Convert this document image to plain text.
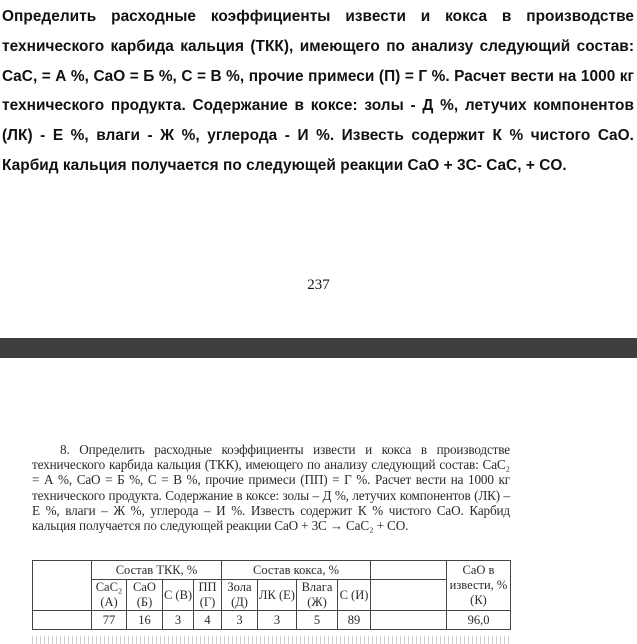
Определить расходные коэффициенты извести и кокса в производстве технического карбида кальция (ТКК), имеющего по анализу следующий состав: CaC, = А %, CaO = Б %, C = В %, прочие примеси (П) = Г %. Расчет вести на 1000 кг технического продукта. Содержание в коксе: золы - Д %, летучих компонентов (ЛК) - Е %, влаги - Ж %, углерода - И %. Известь содержит К % чистого CaO. Карбид кальция получается по следующей реакции CaO + 3C- CaC, + CO.
237
8. Определить расходные коэффициенты извести и кокса в производстве технического карбида кальция (ТКК), имеющего по анализу следующий состав: CaC₂ = А %, CaO = Б %, C = В %, прочие примеси (ПП) = Г %. Расчет вести на 1000 кг технического продукта. Содержание в коксе: золы – Д %, летучих компонентов (ЛК) – Е %, влаги – Ж %, углерода – И %. Известь содержит К % чистого CaO. Карбид кальция получается по следующей реакции CaO + 3C → CaC₂ + CO.
	Состав ТКК, %				Состав кокса, %					CaO в извести, % (К)
	CaC₂ (А)	CaO (Б)	C (В)	ПП (Г)	Зола (Д)	ЛК (Е)	Влага (Ж)	C (И)		
	77	16	3	4	3	3	5	89		96,0
